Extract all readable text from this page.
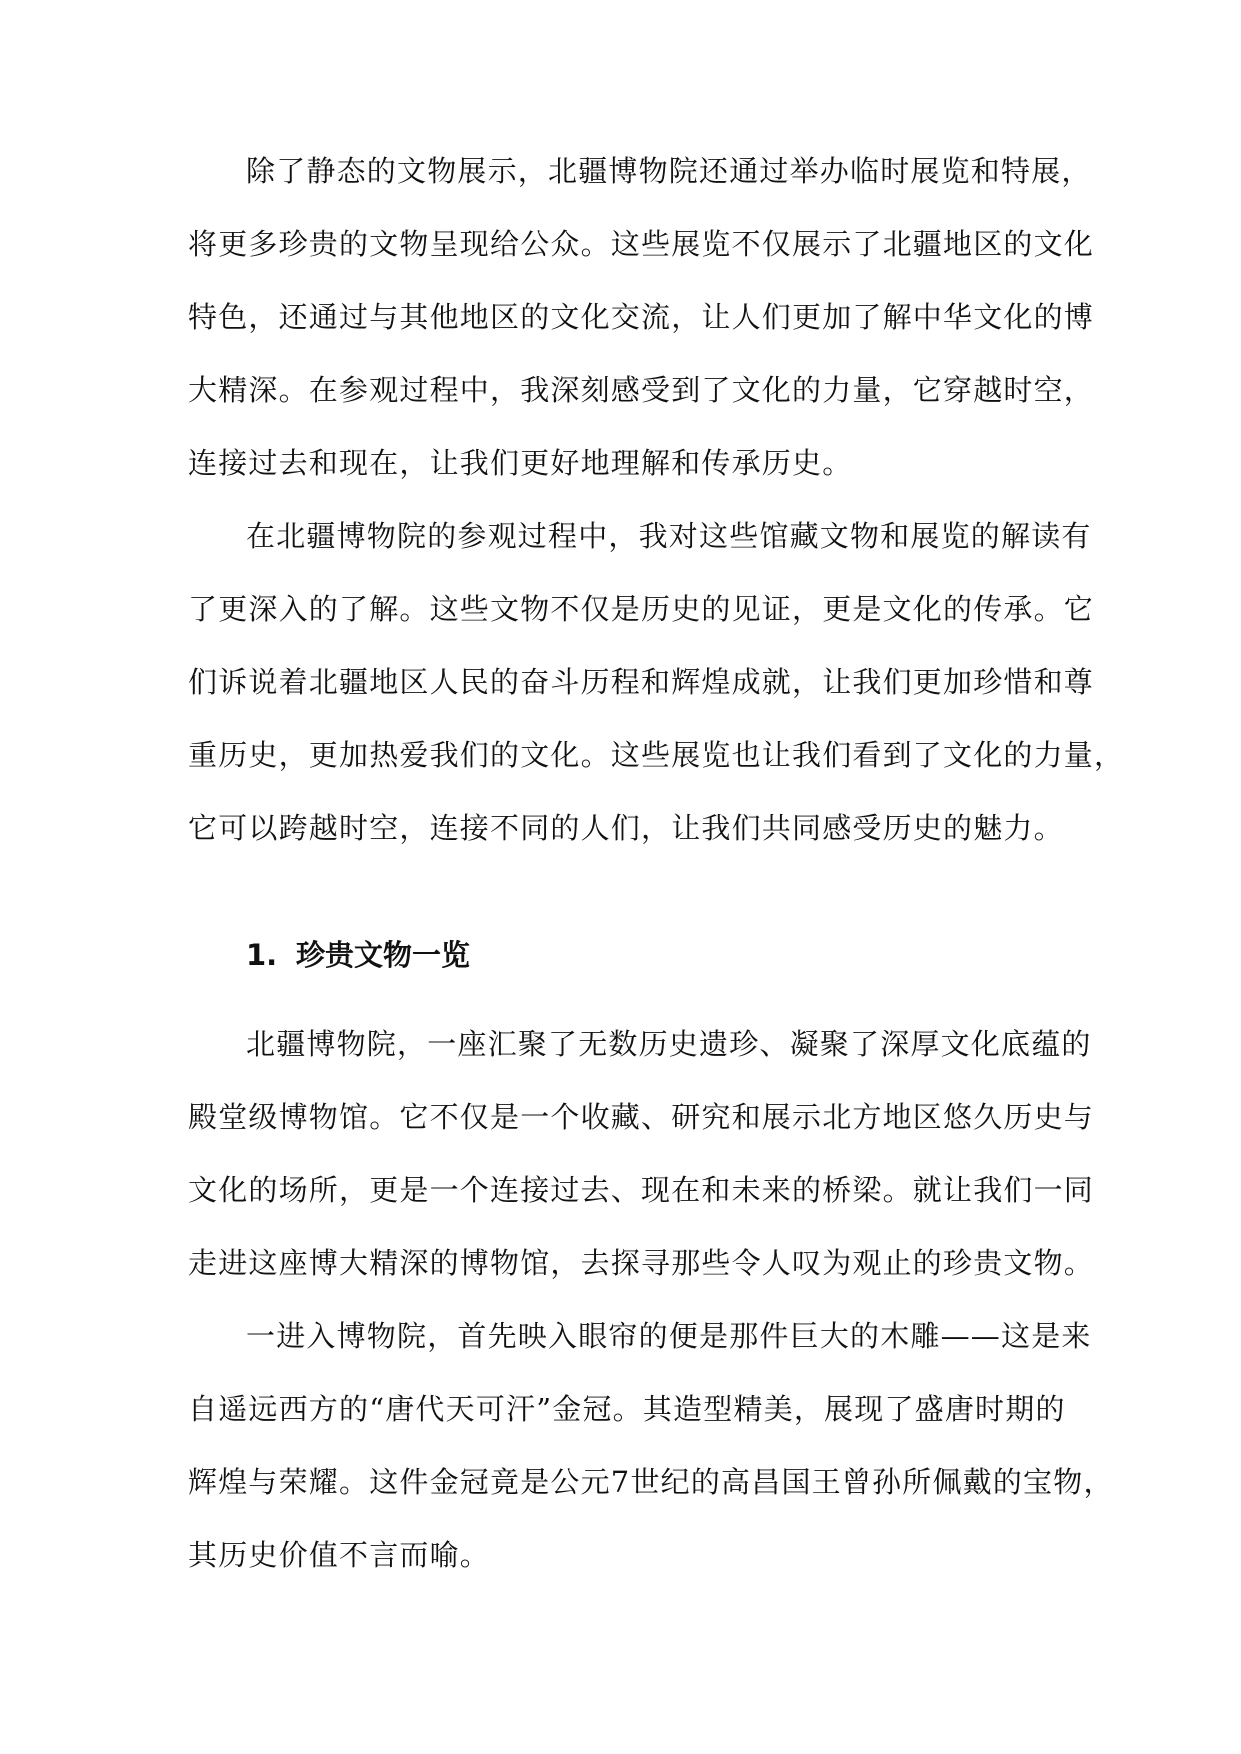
除了静态的文物展示，北疆博物院还通过举办临时展览和特展，
将更多珍贵的文物呈现给公众。这些展览不仅展示了北疆地区的文化
特色，还通过与其他地区的文化交流，让人们更加了解中华文化的博
大精深。在参观过程中，我深刻感受到了文化的力量，它穿越时空，
连接过去和现在，让我们更好地理解和传承历史。
在北疆博物院的参观过程中，我对这些馆藏文物和展览的解读有
了更深入的了解。这些文物不仅是历史的见证，更是文化的传承。它
们诉说着北疆地区人民的奋斗历程和辉煌成就，让我们更加珍惜和尊
重历史，更加热爱我们的文化。这些展览也让我们看到了文化的力量，
它可以跨越时空，连接不同的人们，让我们共同感受历史的魅力。
1. 珍贵文物一览
北疆博物院，一座汇聚了无数历史遗珍、凝聚了深厚文化底蕴的
殿堂级博物馆。它不仅是一个收藏、研究和展示北方地区悠久历史与
文化的场所，更是一个连接过去、现在和未来的桥梁。就让我们一同
走进这座博大精深的博物馆，去探寻那些令人叹为观止的珍贵文物。
一进入博物院，首先映入眼帘的便是那件巨大的木雕——这是来
自遥远西方的“唐代天可汗”金冠。其造型精美，展现了盛唐时期的
辉煌与荣耀。这件金冠竟是公元7世纪的高昌国王曾孙所佩戴的宝物，
其历史价值不言而喻。
